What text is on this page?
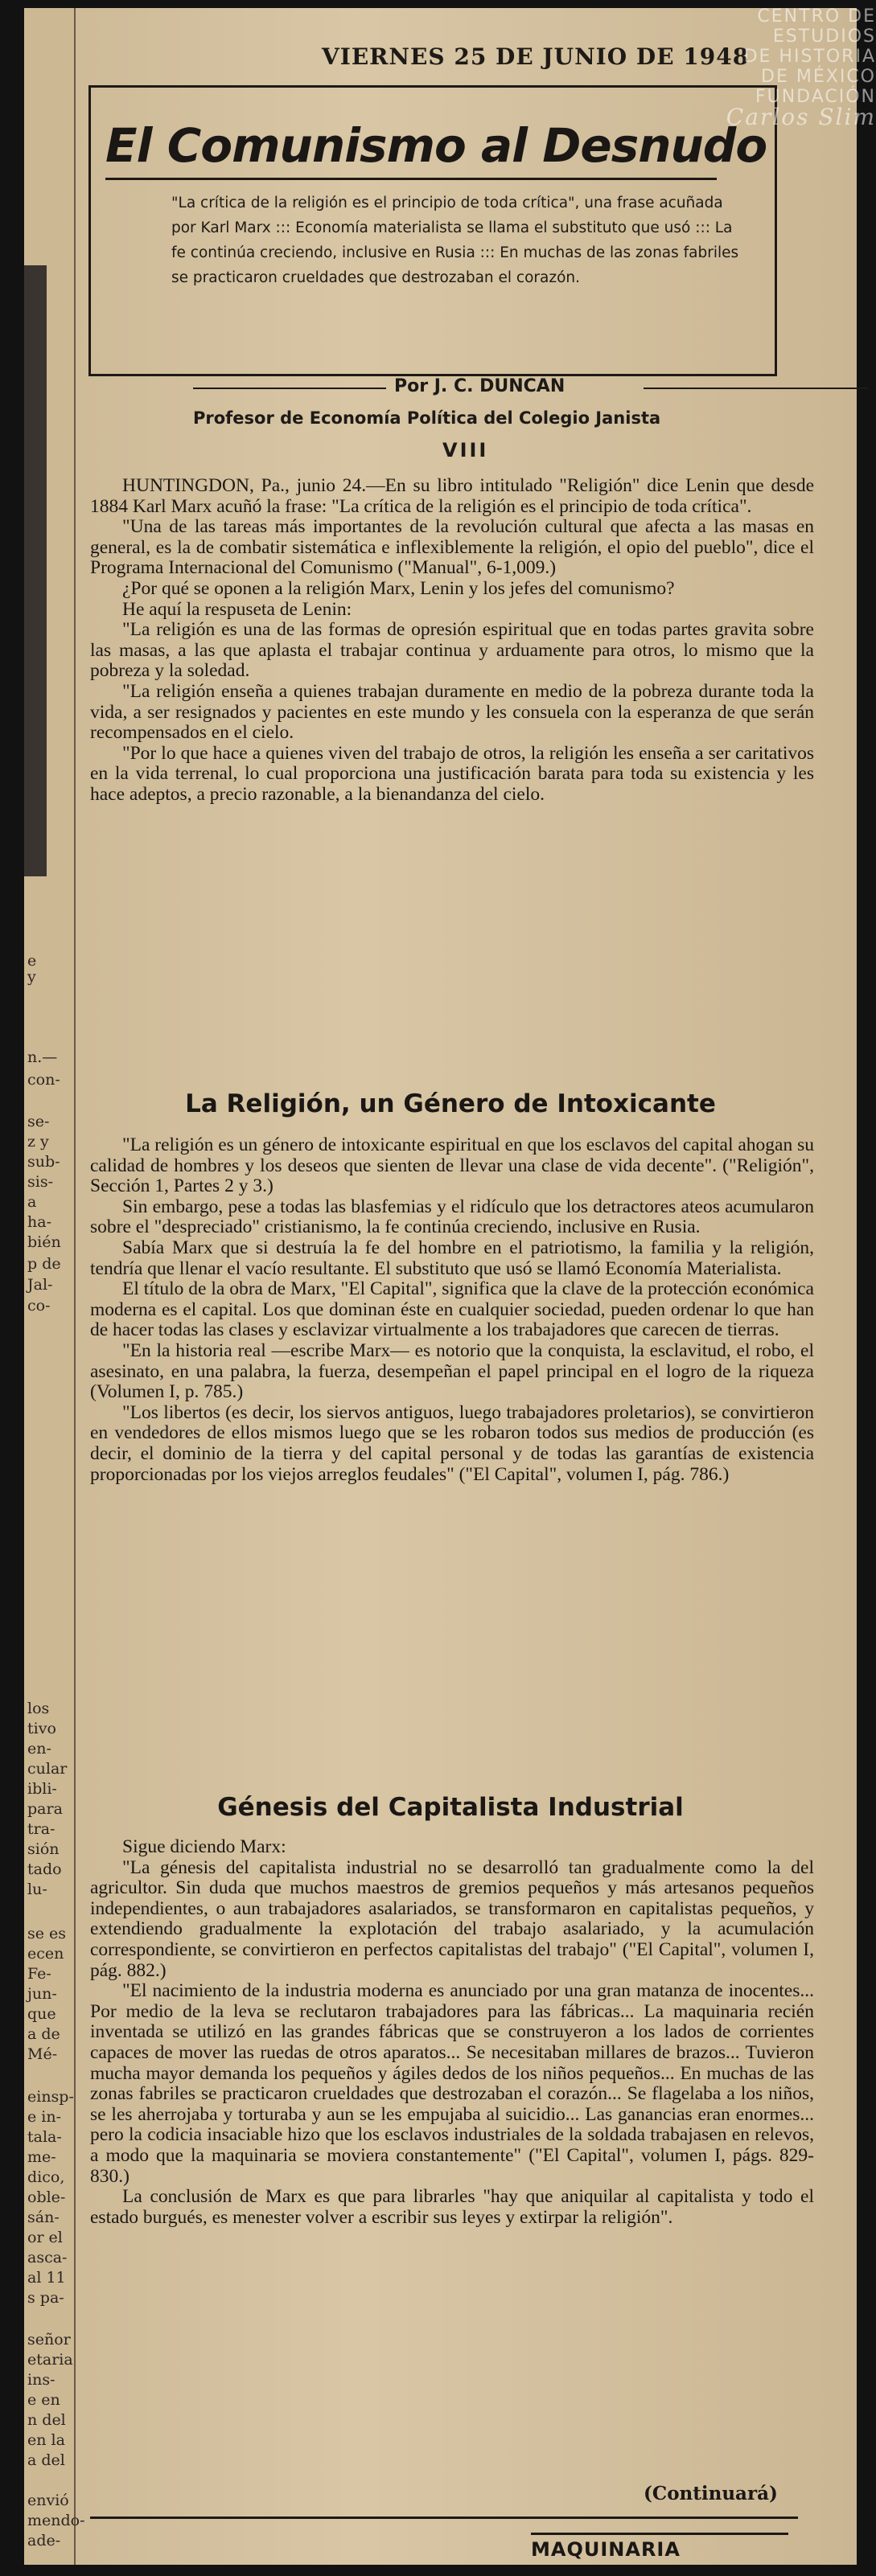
e
y
n.—
con-
se-
z y
sub-
sis-
a
ha-
bién
p de
Jal-
co-
los
tivo
en-
cular
ibli-
para
tra-
sión
tado
lu-
se es
ecen
Fe-
jun-
que
a de
Mé-
einsp-
e in-
tala-
me-
dico,
oble-
sán-
or el
asca-
al 11
s pa-
señor
etaria
ins-
e en
n del
en la
a del
envió
mendo-
ade-
VIERNES 25 DE JUNIO DE 1948
El Comunismo al Desnudo
"La crítica de la religión es el principio de toda crítica", una frase acuñada por Karl Marx ::: Economía materialista se llama el substituto que usó ::: La fe continúa creciendo, inclusive en Rusia ::: En muchas de las zonas fabriles se practicaron crueldades que destrozaban el corazón.
Por J. C. DUNCAN
Profesor de Economía Política del Colegio Janista
VIII

HUNTINGDON, Pa., junio 24.—En su libro intitulado "Religión" dice Lenin que desde 1884 Karl Marx acuñó la frase: "La crítica de la religión es el principio de toda crítica".

"Una de las tareas más importantes de la revolución cultural que afecta a las masas en general, es la de combatir sistemática e inflexiblemente la religión, el opio del pueblo", dice el Programa Internacional del Comunismo ("Manual", 6-1,009.)

¿Por qué se oponen a la religión Marx, Lenin y los jefes del comunismo?

He aquí la respuseta de Lenin:

"La religión es una de las formas de opresión espiritual que en todas partes gravita sobre las masas, a las que aplasta el trabajar continua y arduamente para otros, lo mismo que la pobreza y la soledad.

"La religión enseña a quienes trabajan duramente en medio de la pobreza durante toda la vida, a ser resignados y pacientes en este mundo y les consuela con la esperanza de que serán recompensados en el cielo.

"Por lo que hace a quienes viven del trabajo de otros, la religión les enseña a ser caritativos en la vida terrenal, lo cual proporciona una justificación barata para toda su existencia y les hace adeptos, a precio razonable, a la bienandanza del cielo.

La Religión, un Género de Intoxicante

"La religión es un género de intoxicante espiritual en que los esclavos del capital ahogan su calidad de hombres y los deseos que sienten de llevar una clase de vida decente". ("Religión", Sección 1, Partes 2 y 3.)

Sin embargo, pese a todas las blasfemias y el ridículo que los detractores ateos acumularon sobre el "despreciado" cristianismo, la fe continúa creciendo, inclusive en Rusia.

Sabía Marx que si destruía la fe del hombre en el patriotismo, la familia y la religión, tendría que llenar el vacío resultante. El substituto que usó se llamó Economía Materialista.

El título de la obra de Marx, "El Capital", significa que la clave de la protección económica moderna es el capital. Los que dominan éste en cualquier sociedad, pueden ordenar lo que han de hacer todas las clases y esclavizar virtualmente a los trabajadores que carecen de tierras.

"En la historia real —escribe Marx— es notorio que la conquista, la esclavitud, el robo, el asesinato, en una palabra, la fuerza, desempeñan el papel principal en el logro de la riqueza (Volumen I, p. 785.)

"Los libertos (es decir, los siervos antiguos, luego trabajadores proletarios), se convirtieron en vendedores de ellos mismos luego que se les robaron todos sus medios de producción (es decir, el dominio de la tierra y del capital personal y de todas las garantías de existencia proporcionadas por los viejos arreglos feudales" ("El Capital", volumen I, pág. 786.)

Génesis del Capitalista Industrial

Sigue diciendo Marx:

"La génesis del capitalista industrial no se desarrolló tan gradualmente como la del agricultor. Sin duda que muchos maestros de gremios pequeños y más artesanos pequeños independientes, o aun trabajadores asalariados, se transformaron en capitalistas pequeños, y extendiendo gradualmente la explotación del trabajo asalariado, y la acumulación correspondiente, se convirtieron en perfectos capitalistas del trabajo" ("El Capital", volumen I, pág. 882.)

"El nacimiento de la industria moderna es anunciado por una gran matanza de inocentes... Por medio de la leva se reclutaron trabajadores para las fábricas... La maquinaria recién inventada se utilizó en las grandes fábricas que se construyeron a los lados de corrientes capaces de mover las ruedas de otros aparatos... Se necesitaban millares de brazos... Tuvieron mucha mayor demanda los pequeños y ágiles dedos de los niños pequeños... En muchas de las zonas fabriles se practicaron crueldades que destrozaban el corazón... Se flagelaba a los niños, se les aherrojaba y torturaba y aun se les empujaba al suicidio... Las ganancias eran enormes... pero la codicia insaciable hizo que los esclavos industriales de la soldada trabajasen en relevos, a modo que la maquinaria se moviera constantemente" ("El Capital", volumen I, págs. 829-830.)

La conclusión de Marx es que para librarles "hay que aniquilar al capitalista y todo el estado burgués, es menester volver a escribir sus leyes y extirpar la religión".

(Continuará)
MAQUINARIA
CENTRO DE
ESTUDIOS
DE HISTORIA
DE MÉXICO
FUNDACIÓN
Carlos Slim
